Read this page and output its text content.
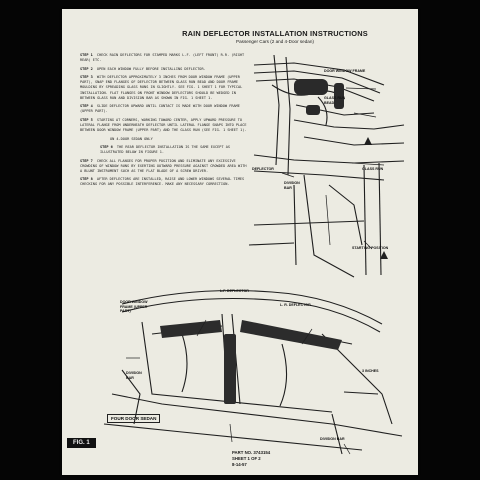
RAIN DEFLECTOR INSTALLATION INSTRUCTIONS
Passenger Cars (2 and 4-Door sedan)
STEP 1 CHECK RAIN DEFLECTORS FOR STAMPED MARKS L.F. (LEFT FRONT) R.R. (RIGHT REAR) ETC.
STEP 2 OPEN EACH WINDOW FULLY BEFORE INSTALLING DEFLECTOR.
STEP 3 WITH DEFLECTOR APPROXIMATELY 3 INCHES FROM DOOR WINDOW FRAME (UPPER PART), SNAP END FLANGES OF DEFLECTOR BETWEEN GLASS RUN BEAD AND DOOR FRAME MOULDING BY SPREADING GLASS RUNS IN SLIGHTLY. SEE FIG. 1 SHEET 1 FOR TYPICAL INSTALLATION. FLAT FLANGES ON FRONT WINDOW DEFLECTORS SHOULD BE WEDGED IN BETWEEN GLASS RUN AND DIVISION BAR AS SHOWN IN FIG. 1 SHEET 1.
STEP 4 SLIDE DEFLECTOR UPWARD UNTIL CONTACT IS MADE WITH DOOR WINDOW FRAME (UPPER PART).
STEP 5 STARTING AT CORNERS, WORKING TOWARD CENTER, APPLY UPWARD PRESSURE TO LATERAL FLANGE FROM UNDERNEATH DEFLECTOR UNTIL LATERAL FLANGE SNAPS INTO PLACE BETWEEN DOOR WINDOW FRAME (UPPER PART) AND THE GLASS RUN (SEE FIG. 1 SHEET 1).
ON 4-DOOR SEDAN ONLY
STEP 6 THE REAR DEFLECTOR INSTALLATION IS THE SAME EXCEPT AS ILLUSTRATED BELOW IN FIGURE 1.
STEP 7 CHECK ALL FLANGES FOR PROPER POSITION AND ELIMINATE ANY EXCESSIVE CROWDING OF WINDOW RUNS BY EXERTING OUTWARD PRESSURE AGAINST CROWDED AREA WITH A BLUNT INSTRUMENT SUCH AS THE FLAT BLADE OF A SCREW DRIVER.
STEP 8 AFTER DEFLECTORS ARE INSTALLED, RAISE AND LOWER WINDOWS SEVERAL TIMES CHECKING FOR ANY POSSIBLE INTERFERENCE. MAKE ANY NECESSARY CORRECTION.
DOOR WINDOW FRAME
GLASS RUN BEAD
DEFLECTOR	GLASS RUN
DIVISION BAR
STARTING POSITION
L.F. DEFLECTOR
DOOR WINDOW FRAME (UPPER PART)
L. R. DEFLECTOR
DIVISION BAR
3 INCHES
DIVISION BAR
FOUR DOOR SEDAN
FIG. 1
PART NO. 3743154
SHEET 1 OF 2
8-14-57
